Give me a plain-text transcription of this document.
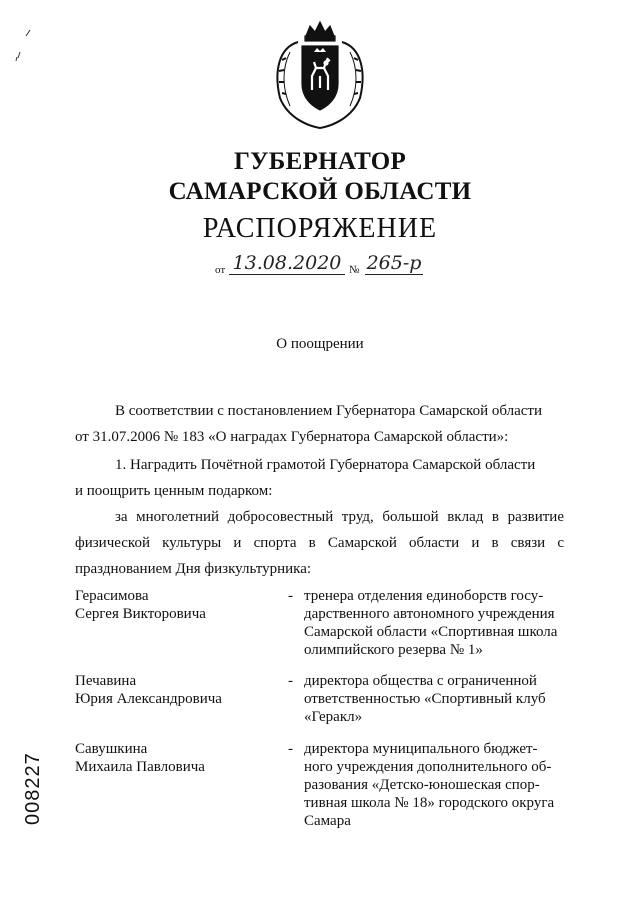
ГУБЕРНАТОР
САМАРСКОЙ ОБЛАСТИ
РАСПОРЯЖЕНИЕ
от 13.08.2020 № 265-р
О поощрении

В соответствии с постановлением Губернатора Самарской области

от 31.07.2006 № 183 «О наградах Губернатора Самарской области»:

1. Наградить Почётной грамотой Губернатора Самарской области

и поощрить ценным подарком:

за многолетний добросовестный труд, большой вклад в развитие

физической культуры и спорта в Самарской области и в связи с

празднованием Дня физкультурника:

Герасимова
Сергея Викторовича
- тренера отделения единоборств госу-
дарственного автономного учреждения
Самарской области «Спортивная школа
олимпийского резерва № 1»
Печавина
Юрия Александровича
- директора общества с ограниченной
ответственностью «Спортивный клуб
«Геракл»
Савушкина
Михаила Павловича
- директора муниципального бюджет-
ного учреждения дополнительного об-
разования «Детско-юношеская спор-
тивная школа № 18» городского округа
Самара
008227
